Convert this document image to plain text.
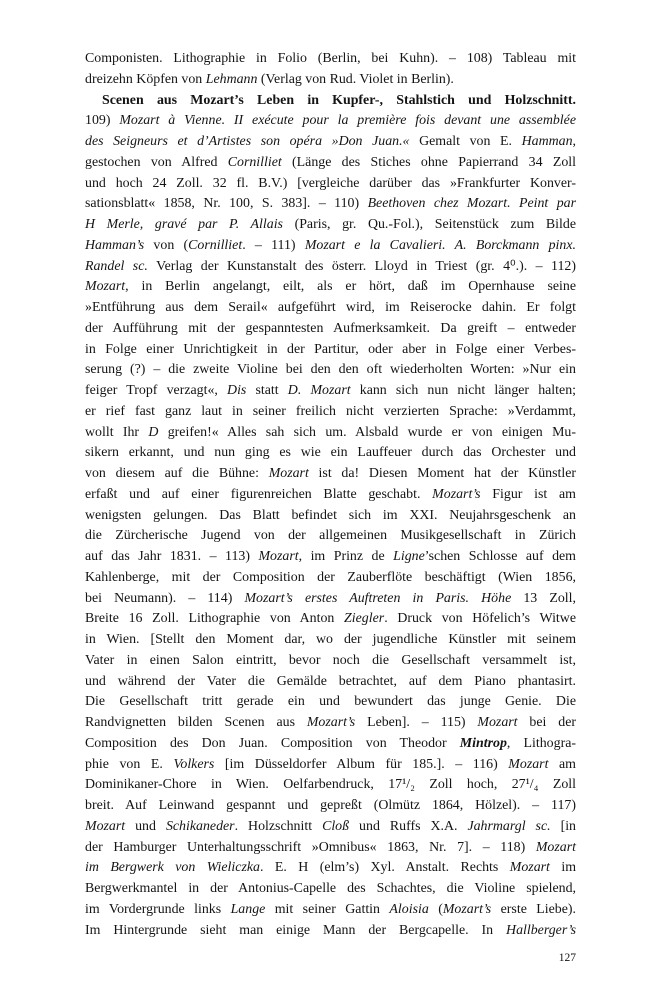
Componisten. Lithographie in Folio (Berlin, bei Kuhn). – 108) Tableau mit
dreizehn Köpfen von Lehmann (Verlag von Rud. Violet in Berlin).
Scenen aus Mozart’s Leben in Kupfer-, Stahlstich und Holzschnitt.
109) Mozart à Vienne. II exécute pour la première fois devant une assemblée
des Seigneurs et d’Artistes son opéra »Don Juan.« Gemalt von E. Hamman,
gestochen von Alfred Cornilliet (Länge des Stiches ohne Papierrand 34 Zoll
und hoch 24 Zoll. 32 fl. B.V.) [vergleiche darüber das »Frankfurter Konver-
sationsblatt« 1858, Nr. 100, S. 383]. – 110) Beethoven chez Mozart. Peint par
H Merle, gravé par P. Allais (Paris, gr. Qu.-Fol.), Seitenstück zum Bilde
Hamman’s von (Cornilliet. – 111) Mozart e la Cavalieri. A. Borckmann pinx.
Randel sc. Verlag der Kunstanstalt des österr. Lloyd in Triest (gr. 4⁰.). – 112)
Mozart, in Berlin angelangt, eilt, als er hört, daß im Opernhause seine
»Entführung aus dem Serail« aufgeführt wird, im Reiserocke dahin. Er folgt
der Aufführung mit der gespanntesten Aufmerksamkeit. Da greift – entweder
in Folge einer Unrichtigkeit in der Partitur, oder aber in Folge einer Verbes-
serung (?) – die zweite Violine bei den den oft wiederholten Worten: »Nur ein
feiger Tropf verzagt«, Dis statt D. Mozart kann sich nun nicht länger halten;
er rief fast ganz laut in seiner freilich nicht verzierten Sprache: »Verdammt,
wollt Ihr D greifen!« Alles sah sich um. Alsbald wurde er von einigen Mu-
sikern erkannt, und nun ging es wie ein Lauffeuer durch das Orchester und
von diesem auf die Bühne: Mozart ist da! Diesen Moment hat der Künstler
erfaßt und auf einer figurenreichen Blatte geschabt. Mozart’s Figur ist am
wenigsten gelungen. Das Blatt befindet sich im XXI. Neujahrsgeschenk an
die Zürcherische Jugend von der allgemeinen Musikgesellschaft in Zürich
auf das Jahr 1831. – 113) Mozart, im Prinz de Ligne’schen Schlosse auf dem
Kahlenberge, mit der Composition der Zauberflöte beschäftigt (Wien 1856,
bei Neumann). – 114) Mozart’s erstes Auftreten in Paris. Höhe 13 Zoll,
Breite 16 Zoll. Lithographie von Anton Ziegler. Druck von Höfelich’s Witwe
in Wien. [Stellt den Moment dar, wo der jugendliche Künstler mit seinem
Vater in einen Salon eintritt, bevor noch die Gesellschaft versammelt ist,
und während der Vater die Gemälde betrachtet, auf dem Piano phantasirt.
Die Gesellschaft tritt gerade ein und bewundert das junge Genie. Die
Randvignetten bilden Scenen aus Mozart’s Leben]. – 115) Mozart bei der
Composition des Don Juan. Composition von Theodor Mintrop, Lithogra-
phie von E. Volkers [im Düsseldorfer Album für 185.]. – 116) Mozart am
Dominikaner-Chore in Wien. Oelfarbendruck, 17¹/₂ Zoll hoch, 27¹/₄ Zoll
breit. Auf Leinwand gespannt und gepreßt (Olmütz 1864, Hölzel). – 117)
Mozart und Schikaneder. Holzschnitt Cloß und Ruffs X.A. Jahrmargl sc. [in
der Hamburger Unterhaltungsschrift »Omnibus« 1863, Nr. 7]. – 118) Mozart
im Bergwerk von Wieliczka. E. H (elm’s) Xyl. Anstalt. Rechts Mozart im
Bergwerkmantel in der Antonius-Capelle des Schachtes, die Violine spielend,
im Vordergrunde links Lange mit seiner Gattin Aloisia (Mozart’s erste Liebe).
Im Hintergrunde sieht man einige Mann der Bergcapelle. In Hallberger’s
127
